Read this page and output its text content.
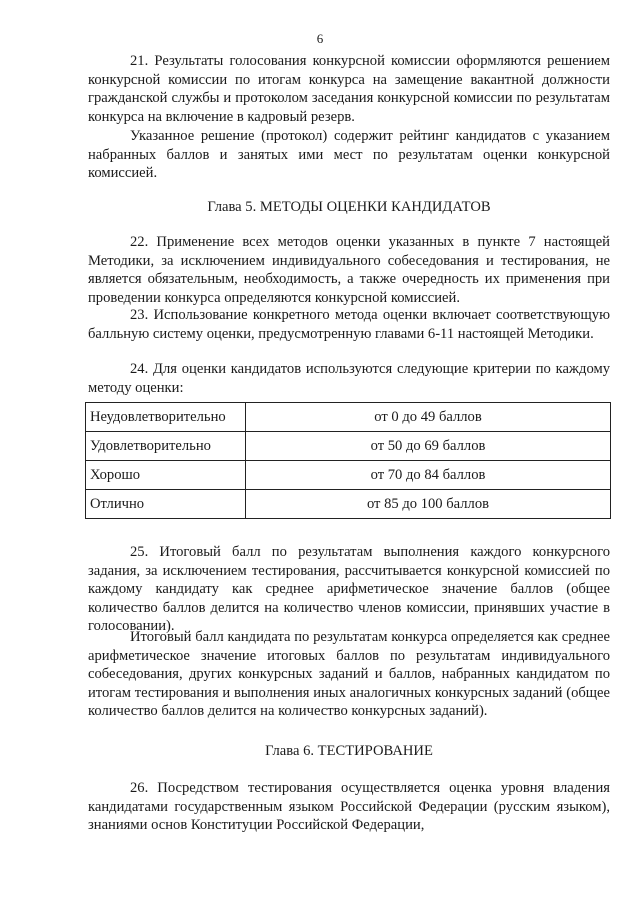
6

21. Результаты голосования конкурсной комиссии оформляются решением конкурсной комиссии по итогам конкурса на замещение вакантной должности гражданской службы и протоколом заседания конкурсной комиссии по результатам конкурса на включение в кадровый резерв.

Указанное решение (протокол) содержит рейтинг кандидатов с указанием набранных баллов и занятых ими мест по результатам оценки конкурсной комиссией.

Глава 5. МЕТОДЫ ОЦЕНКИ КАНДИДАТОВ

22. Применение всех методов оценки указанных в пункте 7 настоящей Методики, за исключением индивидуального собеседования и тестирования, не является обязательным, необходимость, а также очередность их применения при проведении конкурса определяются конкурсной комиссией.

23. Использование конкретного метода оценки включает соответствующую балльную систему оценки, предусмотренную главами 6-11 настоящей Методики.

24. Для оценки кандидатов используются следующие критерии по каждому методу оценки:

Неудовлетворительно	от 0 до 49 баллов
Удовлетворительно	от 50 до 69 баллов
Хорошо	от 70 до 84 баллов
Отлично	от 85 до 100 баллов

25. Итоговый балл по результатам выполнения каждого конкурсного задания, за исключением тестирования, рассчитывается конкурсной комиссией по каждому кандидату как среднее арифметическое значение баллов (общее количество баллов делится на количество членов комиссии, принявших участие в голосовании).

Итоговый балл кандидата по результатам конкурса определяется как среднее арифметическое значение итоговых баллов по результатам индивидуального собеседования, других конкурсных заданий и баллов, набранных кандидатом по итогам тестирования и выполнения иных аналогичных конкурсных заданий (общее количество баллов делится на количество конкурсных заданий).

Глава 6. ТЕСТИРОВАНИЕ

26. Посредством тестирования осуществляется оценка уровня владения кандидатами государственным языком Российской Федерации (русским языком), знаниями основ Конституции Российской Федерации,
